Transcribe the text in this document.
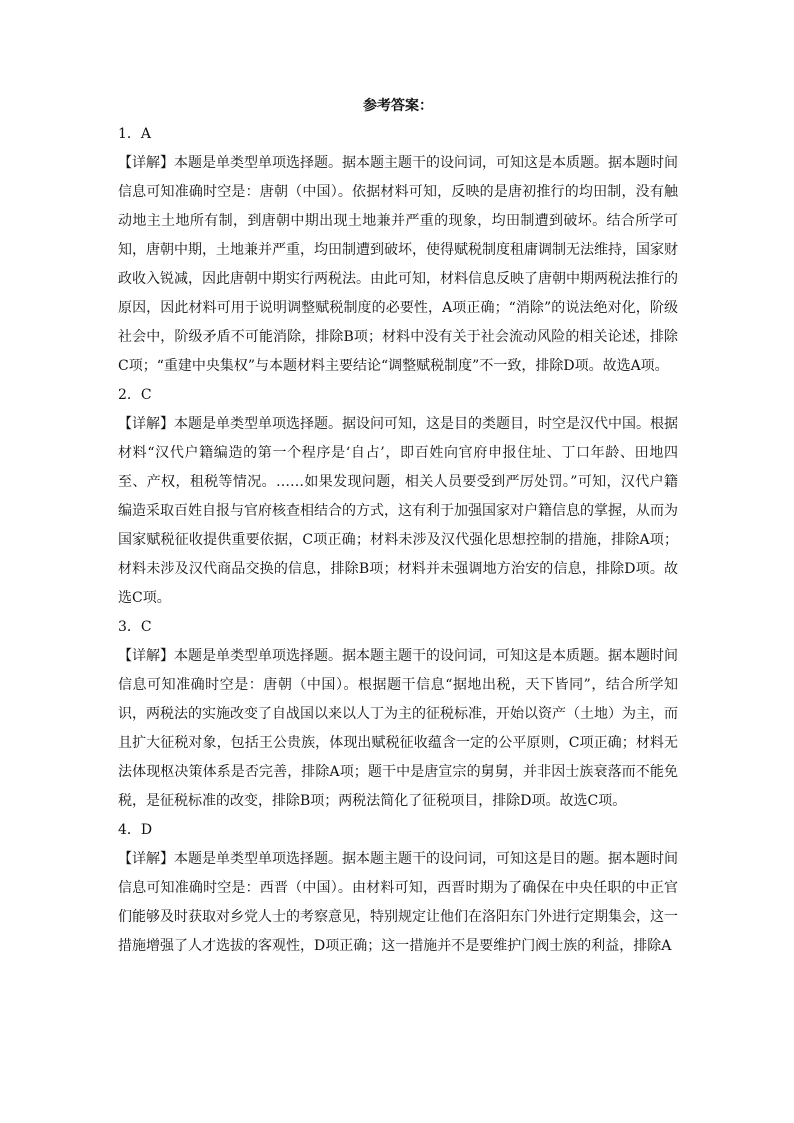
参考答案：

1．A

【详解】本题是单类型单项选择题。据本题主题干的设问词，可知这是本质题。据本题时间信息可知准确时空是：唐朝（中国）。依据材料可知，反映的是唐初推行的均田制，没有触动地主土地所有制，到唐朝中期出现土地兼并严重的现象，均田制遭到破坏。结合所学可知，唐朝中期，土地兼并严重，均田制遭到破坏，使得赋税制度租庸调制无法维持，国家财政收入锐减，因此唐朝中期实行两税法。由此可知，材料信息反映了唐朝中期两税法推行的原因，因此材料可用于说明调整赋税制度的必要性，A项正确；“消除”的说法绝对化，阶级社会中，阶级矛盾不可能消除，排除B项；材料中没有关于社会流动风险的相关论述，排除C项；“重建中央集权”与本题材料主要结论“调整赋税制度”不一致，排除D项。故选A项。

2．C

【详解】本题是单类型单项选择题。据设问可知，这是目的类题目，时空是汉代中国。根据材料“汉代户籍编造的第一个程序是‘自占’，即百姓向官府申报住址、丁口年龄、田地四至、产权，租税等情况。……如果发现问题，相关人员要受到严厉处罚。”可知，汉代户籍编造采取百姓自报与官府核查相结合的方式，这有利于加强国家对户籍信息的掌握，从而为国家赋税征收提供重要依据，C项正确；材料未涉及汉代强化思想控制的措施，排除A项；材料未涉及汉代商品交换的信息，排除B项；材料并未强调地方治安的信息，排除D项。故选C项。

3．C

【详解】本题是单类型单项选择题。据本题主题干的设问词，可知这是本质题。据本题时间信息可知准确时空是：唐朝（中国）。根据题干信息“据地出税，天下皆同”，结合所学知识，两税法的实施改变了自战国以来以人丁为主的征税标准，开始以资产（土地）为主，而且扩大征税对象，包括王公贵族，体现出赋税征收蕴含一定的公平原则，C项正确；材料无法体现枢决策体系是否完善，排除A项；题干中是唐宣宗的舅舅，并非因士族衰落而不能免税，是征税标准的改变，排除B项；两税法简化了征税项目，排除D项。故选C项。

4．D

【详解】本题是单类型单项选择题。据本题主题干的设问词，可知这是目的题。据本题时间信息可知准确时空是：西晋（中国）。由材料可知，西晋时期为了确保在中央任职的中正官们能够及时获取对乡党人士的考察意见，特别规定让他们在洛阳东门外进行定期集会，这一措施增强了人才选拔的客观性，D项正确；这一措施并不是要维护门阀士族的利益，排除A
